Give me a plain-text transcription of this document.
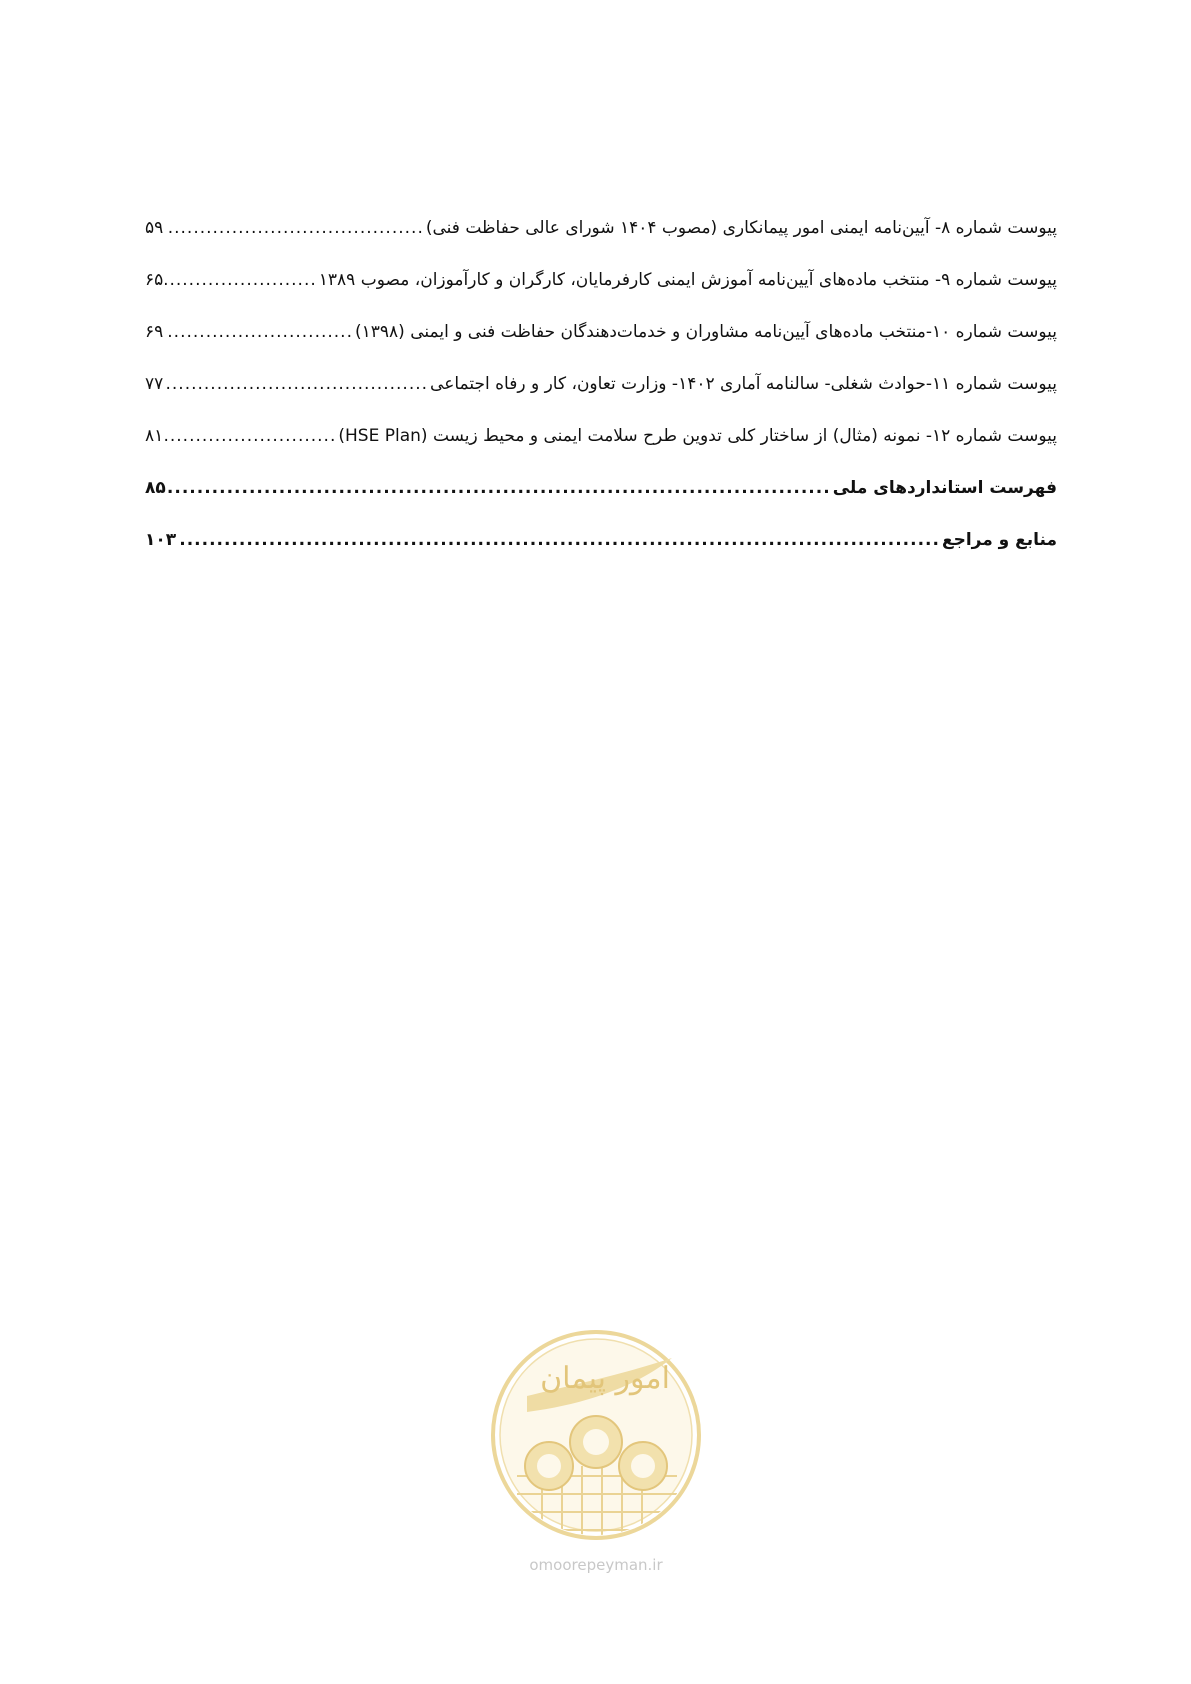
پیوست شماره ۸- آیین‌نامه ایمنی امور پیمانکاری (مصوب ۱۴۰۴ شورای عالی حفاظت فنی)
.....
۵۹
پیوست شماره ۹- منتخب ماده‌های آیین‌نامه آموزش ایمنی کارفرمایان، کارگران و کارآموزان، مصوب ۱۳۸۹
.....
۶۵
پیوست شماره ۱۰-منتخب ماده‌های آیین‌نامه مشاوران و خدمات‌دهندگان حفاظت فنی و ایمنی (۱۳۹۸)
.....
۶۹
پیوست شماره ۱۱-حوادث شغلی- سالنامه آماری ۱۴۰۲- وزارت تعاون، کار و رفاه اجتماعی
.....
۷۷
پیوست شماره ۱۲- نمونه (مثال) از ساختار کلی تدوین طرح سلامت ایمنی و محیط زیست (HSE Plan)
.....
۸۱
فهرست استانداردهای ملی
.....
۸۵
منابع و مراجع
.....
۱۰۳
امور پیمان
omoorepeyman.ir
